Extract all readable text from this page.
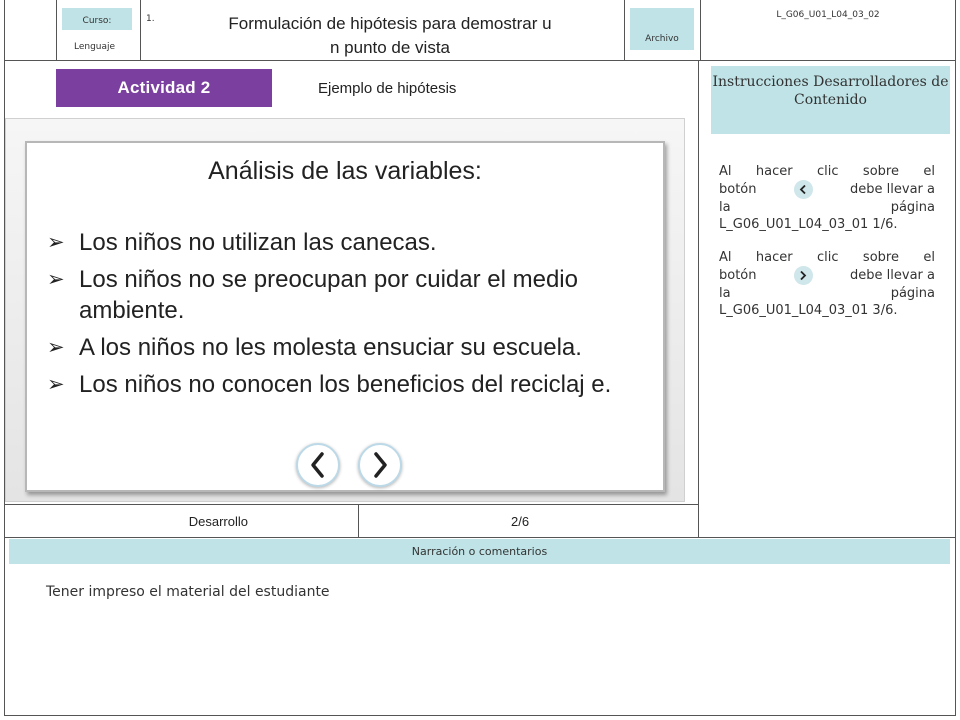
Curso:
Lenguaje
1.	Formulación de hipótesis para demostrar u
n punto de vista	Archivo
L_G06_U01_L04_03_02
Actividad 2	Ejemplo de hipótesis
Análisis de las variables:
➢ Los niños no utilizan las canecas.
➢ Los niños no se preocupan por cuidar el medio ambiente.
➢ A los niños no les molesta ensuciar su escuela.
➢ Los niños no conocen los beneficios del reciclaj e.
Desarrollo	2/6
Instrucciones Desarrolladores de Contenido
Al hacer clic sobre el
botón	debe llevar a
la	página
L_G06_U01_L04_03_01 1/6.
Al hacer clic sobre el
botón	debe llevar a
la	página
L_G06_U01_L04_03_01 3/6.
Narración o comentarios
Tener impreso el material del estudiante
